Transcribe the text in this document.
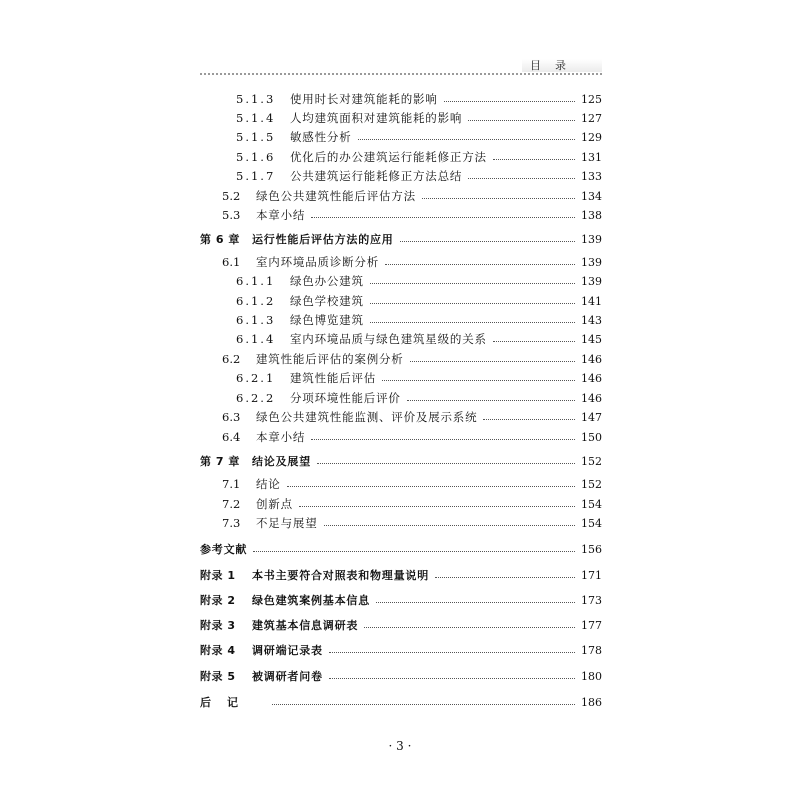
目录
5.1.3 使用时长对建筑能耗的影响	125
5.1.4 人均建筑面积对建筑能耗的影响	127
5.1.5 敏感性分析	129
5.1.6 优化后的办公建筑运行能耗修正方法	131
5.1.7 公共建筑运行能耗修正方法总结	133
5.2 绿色公共建筑性能后评估方法	134
5.3 本章小结	138
第 6 章 运行性能后评估方法的应用	139
6.1 室内环境品质诊断分析	139
6.1.1 绿色办公建筑	139
6.1.2 绿色学校建筑	141
6.1.3 绿色博览建筑	143
6.1.4 室内环境品质与绿色建筑星级的关系	145
6.2 建筑性能后评估的案例分析	146
6.2.1 建筑性能后评估	146
6.2.2 分项环境性能后评价	146
6.3 绿色公共建筑性能监测、评价及展示系统	147
6.4 本章小结	150
第 7 章 结论及展望	152
7.1 结论	152
7.2 创新点	154
7.3 不足与展望	154
参考文献	156
附录 1	本书主要符合对照表和物理量说明	171
附录 2	绿色建筑案例基本信息	173
附录 3	建筑基本信息调研表	177
附录 4	调研端记录表	178
附录 5	被调研者问卷	180
后记	186
· 3 ·
